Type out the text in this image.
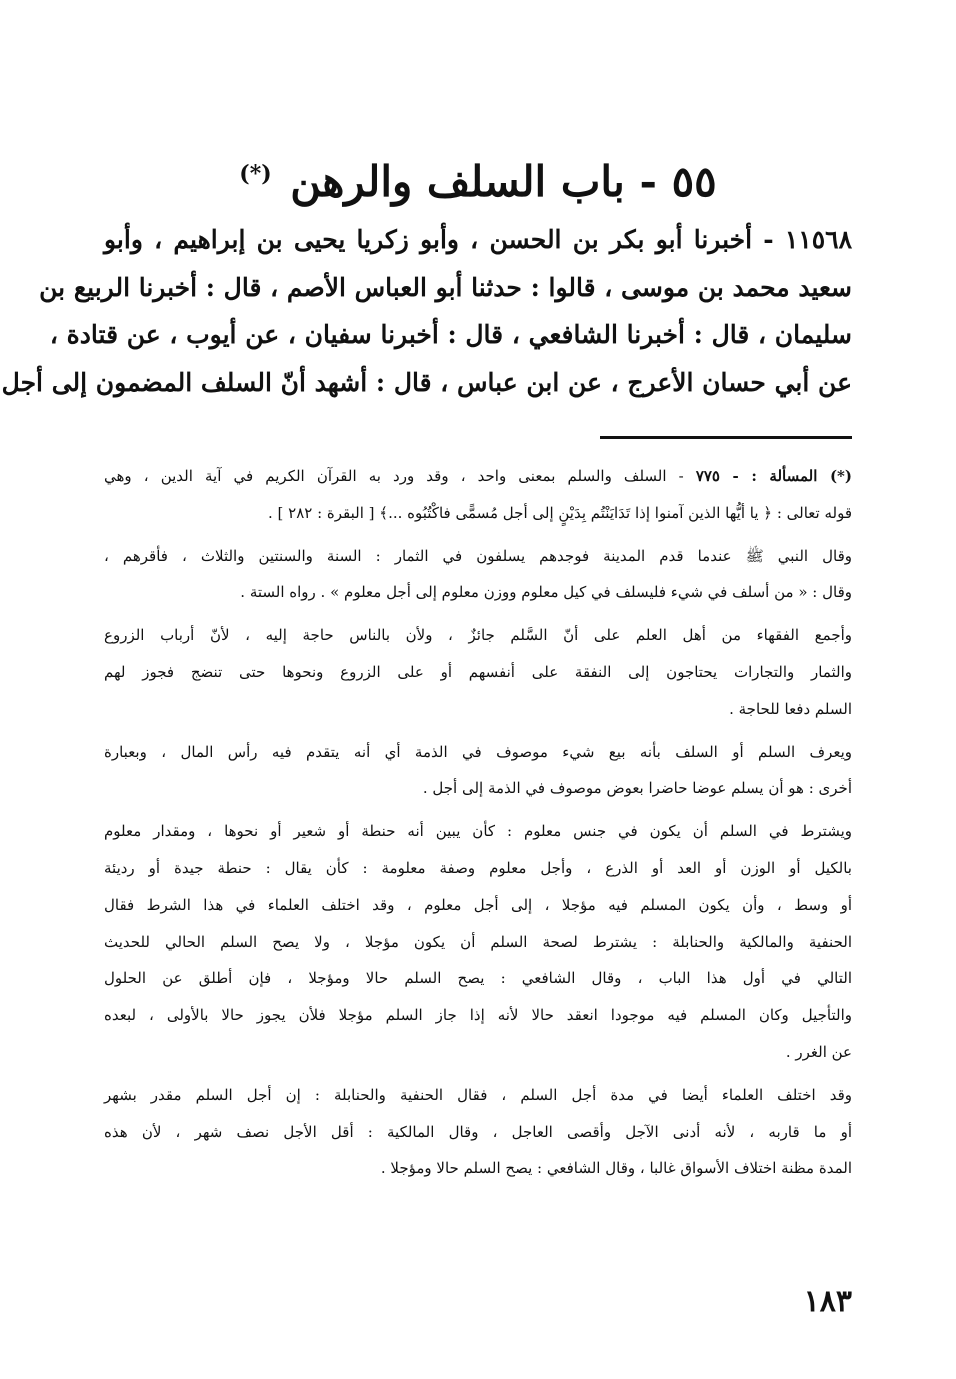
٥٥ - باب السلف والرهن (*)
١١٥٦٨ - أخبرنا أبو بكر بن الحسن ، وأبو زكريا يحيى بن إبراهيم ، وأبو
سعيد محمد بن موسى ، قالوا : حدثنا أبو العباس الأصم ، قال : أخبرنا الربيع بن
سليمان ، قال : أخبرنا الشافعي ، قال : أخبرنا سفيان ، عن أيوب ، عن قتادة ،
عن أبي حسان الأعرج ، عن ابن عباس ، قال : أشهد أنّ السلف المضمون إلى أجل
(*) المسألة : - ٧٧٥ - السلف والسلم بمعنى واحد ، وقد ورد به القرآن الكريم في آية الدين ، وهي
قوله تعالى : ﴿ يا أيُّها الذين آمنوا إذا تَدَايَنْتُم بِدَيْنٍ إلى أجل مُسمًّى فاكْتُبُوه ...﴾ [ البقرة : ٢٨٢ ] .
وقال النبي ﷺ عندما قدم المدينة فوجدهم يسلفون في الثمار : السنة والسنتين والثلاث ، فأقرهم ،
وقال : « من أسلف في شيء فليسلف في كيل معلوم ووزن معلوم إلى أجل معلوم » . رواه الستة .
وأجمع الفقهاء من أهل العلم على أنّ السَّلم جائزٌ ، ولأن بالناس حاجة إليه ، لأنّ أرباب الزروع
والثمار والتجارات يحتاجون إلى النفقة على أنفسهم أو على الزروع ونحوها حتى تنضج فجوز لهم
السلم دفعا للحاجة .
ويعرف السلم أو السلف بأنه بيع شيء موصوف في الذمة أي أنه يتقدم فيه رأس المال ، وبعبارة
أخرى : هو أن يسلم عوضا حاضرا بعوض موصوف في الذمة إلى أجل .
ويشترط في السلم أن يكون في جنس معلوم : كأن يبين أنه حنطة أو شعير أو نحوها ، ومقدار معلوم
بالكيل أو الوزن أو العد أو الذرع ، وأجل معلوم وصفة معلومة : كأن يقال : حنطة جيدة أو رديئة
أو وسط ، وأن يكون المسلم فيه مؤجلا ، إلى أجل معلوم ، وقد اختلف العلماء في هذا الشرط فقال
الحنفية والمالكية والحنابلة : يشترط لصحة السلم أن يكون مؤجلا ، ولا يصح السلم الحالي للحديث
التالي في أول هذا الباب ، وقال الشافعي : يصح السلم حالا ومؤجلا ، فإن أطلق عن الحلول
والتأجيل وكان المسلم فيه موجودا انعقد حالا لأنه إذا جاز السلم مؤجلا فلأن يجوز حالا بالأولى ، لبعده
عن الغرر .
وقد اختلف العلماء أيضا في مدة أجل السلم ، فقال الحنفية والحنابلة : إن أجل السلم مقدر بشهر
أو ما قاربه ، لأنه أدنى الآجل وأقصى العاجل ، وقال المالكية : أقل الأجل نصف شهر ، لأن هذه
المدة مظنة اختلاف الأسواق غالبا ، وقال الشافعي : يصح السلم حالا ومؤجلا .
١٨٣
